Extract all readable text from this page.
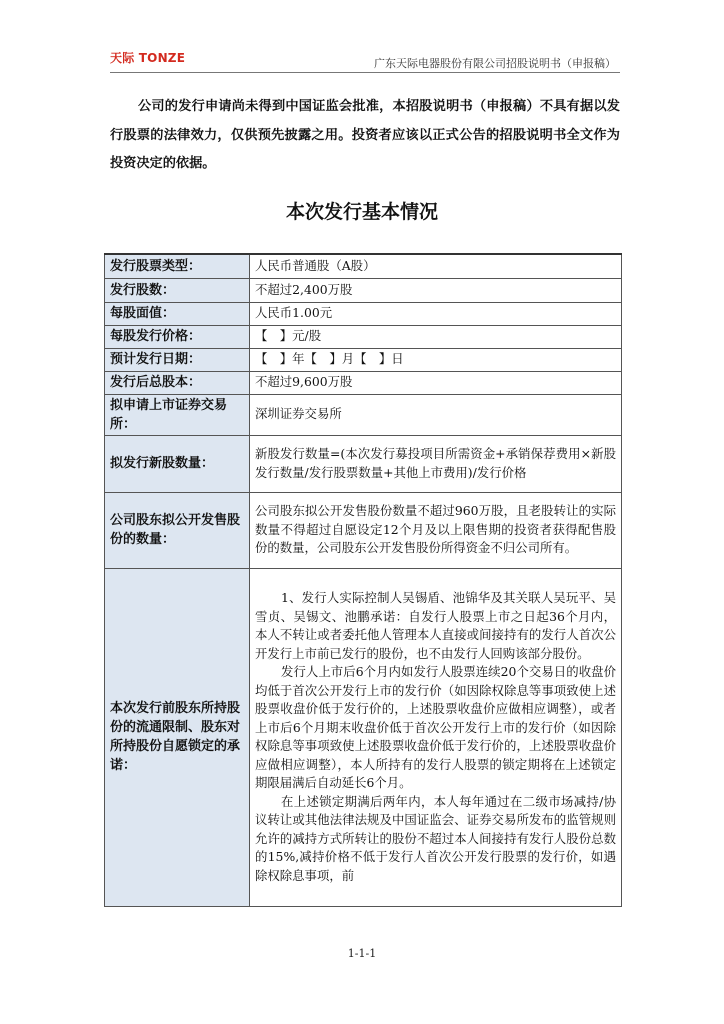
天际 TONZE	广东天际电器股份有限公司招股说明书（申报稿）
公司的发行申请尚未得到中国证监会批准，本招股说明书（申报稿）不具有据以发行股票的法律效力，仅供预先披露之用。投资者应该以正式公告的招股说明书全文作为投资决定的依据。
本次发行基本情况
发行股票类型：	人民币普通股（A股）
发行股数：	不超过2,400万股
每股面值：	人民币1.00元
每股发行价格：	【　】元/股
预计发行日期：	【　】年【　】月【　】日
发行后总股本：	不超过9,600万股
拟申请上市证券交易所：	深圳证券交易所
拟发行新股数量：	新股发行数量=(本次发行募投项目所需资金+承销保荐费用×新股发行数量/发行股票数量+其他上市费用)/发行价格
公司股东拟公开发售股份的数量：	公司股东拟公开发售股份数量不超过960万股，且老股转让的实际数量不得超过自愿设定12个月及以上限售期的投资者获得配售股份的数量，公司股东公开发售股份所得资金不归公司所有。
本次发行前股东所持股份的流通限制、股东对所持股份自愿锁定的承诺：	1、发行人实际控制人吴锡盾、池锦华及其关联人吴玩平、吴雪贞、吴锡文、池鹏承诺：自发行人股票上市之日起36个月内，本人不转让或者委托他人管理本人直接或间接持有的发行人首次公开发行上市前已发行的股份，也不由发行人回购该部分股份。
发行人上市后6个月内如发行人股票连续20个交易日的收盘价均低于首次公开发行上市的发行价（如因除权除息等事项致使上述股票收盘价低于发行价的，上述股票收盘价应做相应调整），或者上市后6个月期末收盘价低于首次公开发行上市的发行价（如因除权除息等事项致使上述股票收盘价低于发行价的，上述股票收盘价应做相应调整），本人所持有的发行人股票的锁定期将在上述锁定期限届满后自动延长6个月。
在上述锁定期满后两年内，本人每年通过在二级市场减持/协议转让或其他法律法规及中国证监会、证券交易所发布的监管规则允许的减持方式所转让的股份不超过本人间接持有发行人股份总数的15%,减持价格不低于发行人首次公开发行股票的发行价，如遇除权除息事项，前
1-1-1
